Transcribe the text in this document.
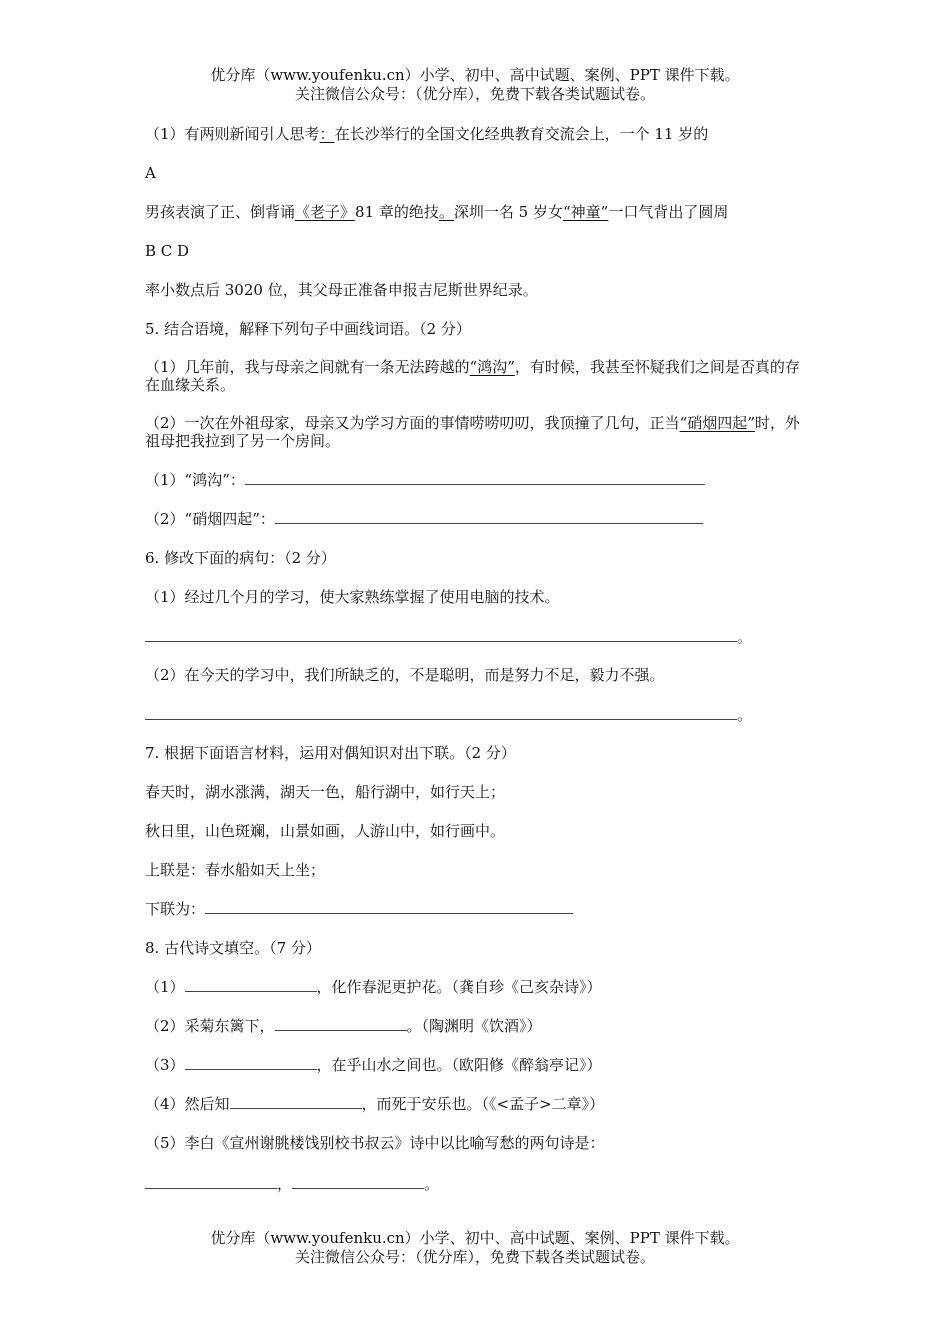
优分库（www.youfenku.cn）小学、初中、高中试题、案例、PPT 课件下载。
关注微信公众号：（优分库），免费下载各类试题试卷。
（1）有两则新闻引人思考：在长沙举行的全国文化经典教育交流会上，一个 11 岁的
A
男孩表演了正、倒背诵《老子》81 章的绝技。深圳一名 5 岁女“神童”一口气背出了圆周
B C D
率小数点后 3020 位，其父母正准备申报吉尼斯世界纪录。
5. 结合语境，解释下列句子中画线词语。（2 分）
（1）几年前，我与母亲之间就有一条无法跨越的“鸿沟”，有时候，我甚至怀疑我们之间是否真的存在血缘关系。
（2）一次在外祖母家，母亲又为学习方面的事情唠唠叨叨，我顶撞了几句，正当“硝烟四起”时，外祖母把我拉到了另一个房间。
（1）“鸿沟”：
（2）“硝烟四起”：
6. 修改下面的病句：（2 分）
（1）经过几个月的学习，使大家熟练掌握了使用电脑的技术。
。
（2）在今天的学习中，我们所缺乏的，不是聪明，而是努力不足，毅力不强。
。
7. 根据下面语言材料，运用对偶知识对出下联。（2 分）
春天时，湖水涨满，湖天一色，船行湖中，如行天上；
秋日里，山色斑斓，山景如画，人游山中，如行画中。
上联是：春水船如天上坐；
下联为：
8. 古代诗文填空。（7 分）
（1）	，化作春泥更护花。（龚自珍《己亥杂诗》）
（2）采菊东篱下，	。（陶渊明《饮酒》）
（3）	，在乎山水之间也。（欧阳修《醉翁亭记》）
（4）然后知	，而死于安乐也。（《<孟子>二章》）
（5）李白《宣州谢朓楼饯别校书叔云》诗中以比喻写愁的两句诗是：
，	。
优分库（www.youfenku.cn）小学、初中、高中试题、案例、PPT 课件下载。
关注微信公众号：（优分库），免费下载各类试题试卷。
